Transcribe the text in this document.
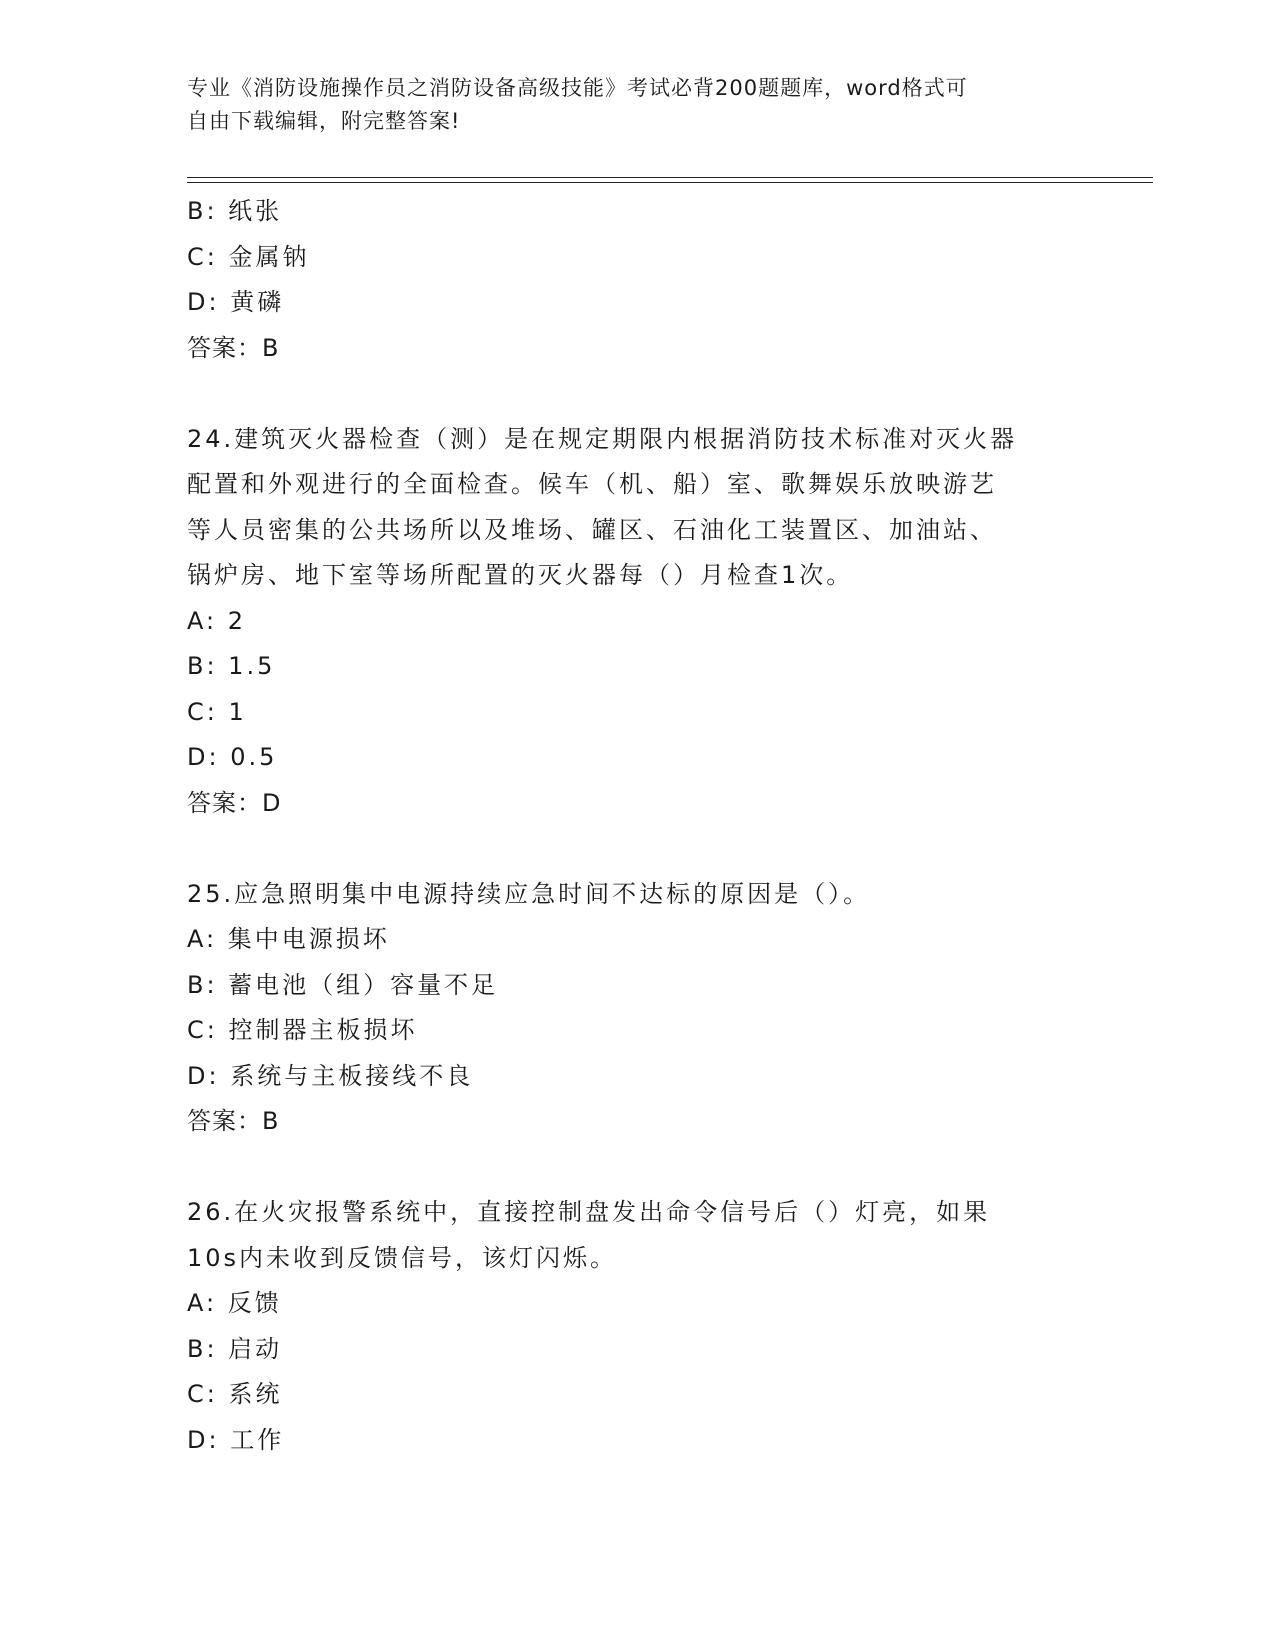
专业《消防设施操作员之消防设备高级技能》考试必背200题题库，word格式可
自由下载编辑，附完整答案!
B: 纸张
C: 金属钠
D: 黄磷
答案：B
24.建筑灭火器检查（测）是在规定期限内根据消防技术标准对灭火器
配置和外观进行的全面检查。候车（机、船）室、歌舞娱乐放映游艺
等人员密集的公共场所以及堆场、罐区、石油化工装置区、加油站、
锅炉房、地下室等场所配置的灭火器每（）月检查1次。
A: 2
B: 1.5
C: 1
D: 0.5
答案：D
25.应急照明集中电源持续应急时间不达标的原因是（）。
A: 集中电源损坏
B: 蓄电池（组）容量不足
C: 控制器主板损坏
D: 系统与主板接线不良
答案：B
26.在火灾报警系统中，直接控制盘发出命令信号后（）灯亮，如果
10s内未收到反馈信号，该灯闪烁。
A: 反馈
B: 启动
C: 系统
D: 工作
